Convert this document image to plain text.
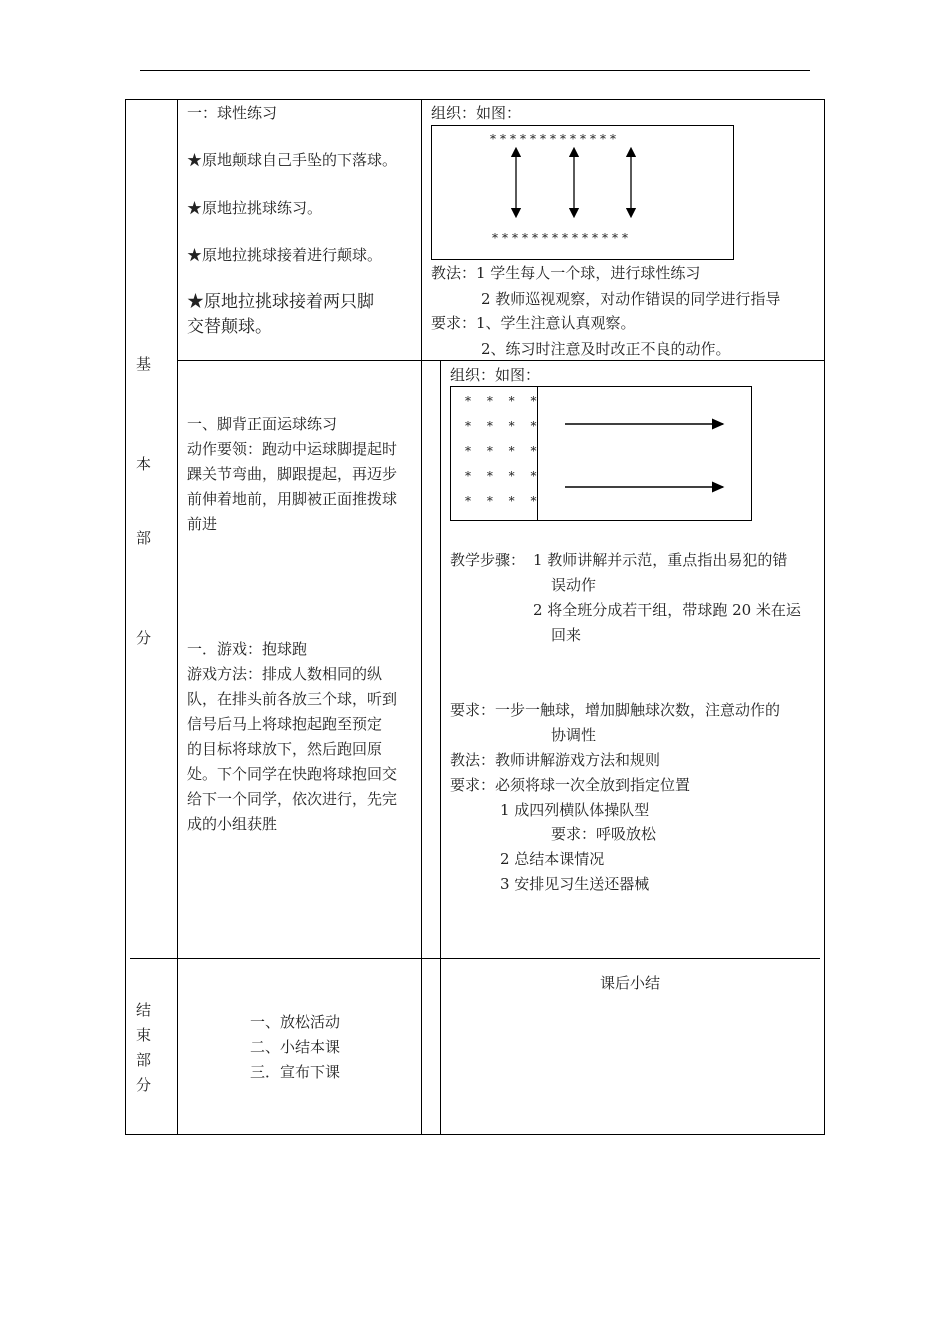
基
本
部
分
结
束
部
分
一：球性练习
★原地颠球自己手坠的下落球。
★原地拉挑球练习。
★原地拉挑球接着进行颠球。
★原地拉挑球接着两只脚
交替颠球。
组织：如图：
*************
**************
教法：1 学生每人一个球，进行球性练习
2 教师巡视观察，对动作错误的同学进行指导
要求：1、学生注意认真观察。
2、练习时注意及时改正不良的动作。
一、脚背正面运球练习
动作要领：跑动中运球脚提起时
踝关节弯曲，脚跟提起，再迈步
前伸着地前，用脚被正面推拨球
前进
一．游戏：抱球跑
游戏方法：排成人数相同的纵
队，在排头前各放三个球，听到
信号后马上将球抱起跑至预定
的目标将球放下，然后跑回原
处。下个同学在快跑将球抱回交
给下一个同学，依次进行，先完
成的小组获胜
组织：如图：
* * * *
* * * *
* * * *
* * * *
* * * *
教学步骤： 1 教师讲解并示范，重点指出易犯的错
误动作
2 将全班分成若干组，带球跑 20 米在运
回来
要求：一步一触球，增加脚触球次数，注意动作的
协调性
教法：教师讲解游戏方法和规则
要求：必须将球一次全放到指定位置
1 成四列横队体操队型
要求：呼吸放松
2 总结本课情况
3 安排见习生送还器械
一、放松活动
二、小结本课
三．宣布下课
课后小结
